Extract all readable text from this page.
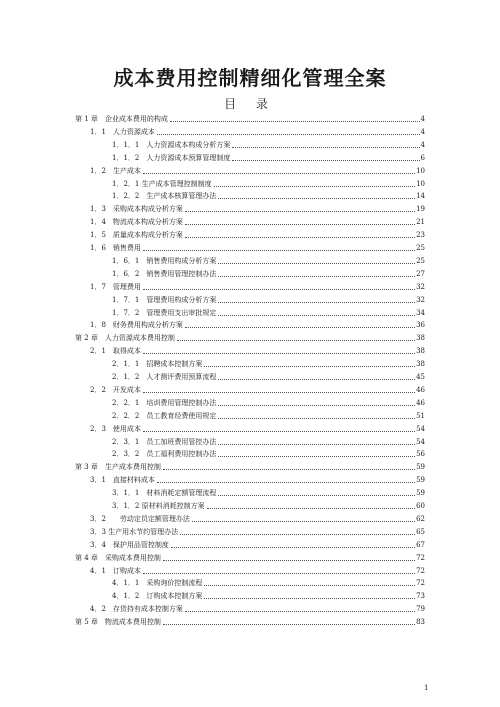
成本费用控制精细化管理全案
目 录
第 1 章　企业成本费用的构成	4
1．1　人力资源成本	4
1．1．1　人力资源成本构成分析方案	4
1．1．2　人力资源成本预算管理制度	6
1．2　生产成本	10
1．2．1 生产成本管理控制制度	10
1．2．2　生产成本核算管理办法	14
1．3　采购成本构成分析方案	19
1．4　物流成本构成分析方案	21
1．5　质量成本构成分析方案	23
1．6　销售费用	25
1．6．1　销售费用构成分析方案	25
1．6．2　销售费用管理控制办法	27
1．7　管理费用	32
1．7．1　管理费用构成分析方案	32
1．7．2　管理费用支出审批规定	34
1．8　财务费用构成分析方案	36
第 2 章　人力资源成本费用控制	38
2．1　取得成本	38
2．1．1　招聘成本控制方案	38
2．1．2　人才测评费用预算流程	45
2．2　开发成本	46
2．2．1　培训费用管理控制办法	46
2．2．2　员工教育经费使用规定	51
2．3　使用成本	54
2．3．1　员工加班费用管控办法	54
2．3．2　员工福利费用控制办法	56
第 3 章　生产成本费用控制	59
3．1　直接材料成本	59
3．1．1　材料消耗定额管理流程	59
3．1．2 原材料消耗控制方案	60
3．2　　劳动定员定额管理办法	62
3．3 生产用水节约管理办法	65
3．4　保护用品管控制度	67
第 4 章　采购成本费用控制	72
4．1　订购成本	72
4．1．1　采购询价控制流程	72
4．1．2　订购成本控制方案	73
4．2　存货持有成本控制方案	79
第 5 章　物流成本费用控制	83
1
